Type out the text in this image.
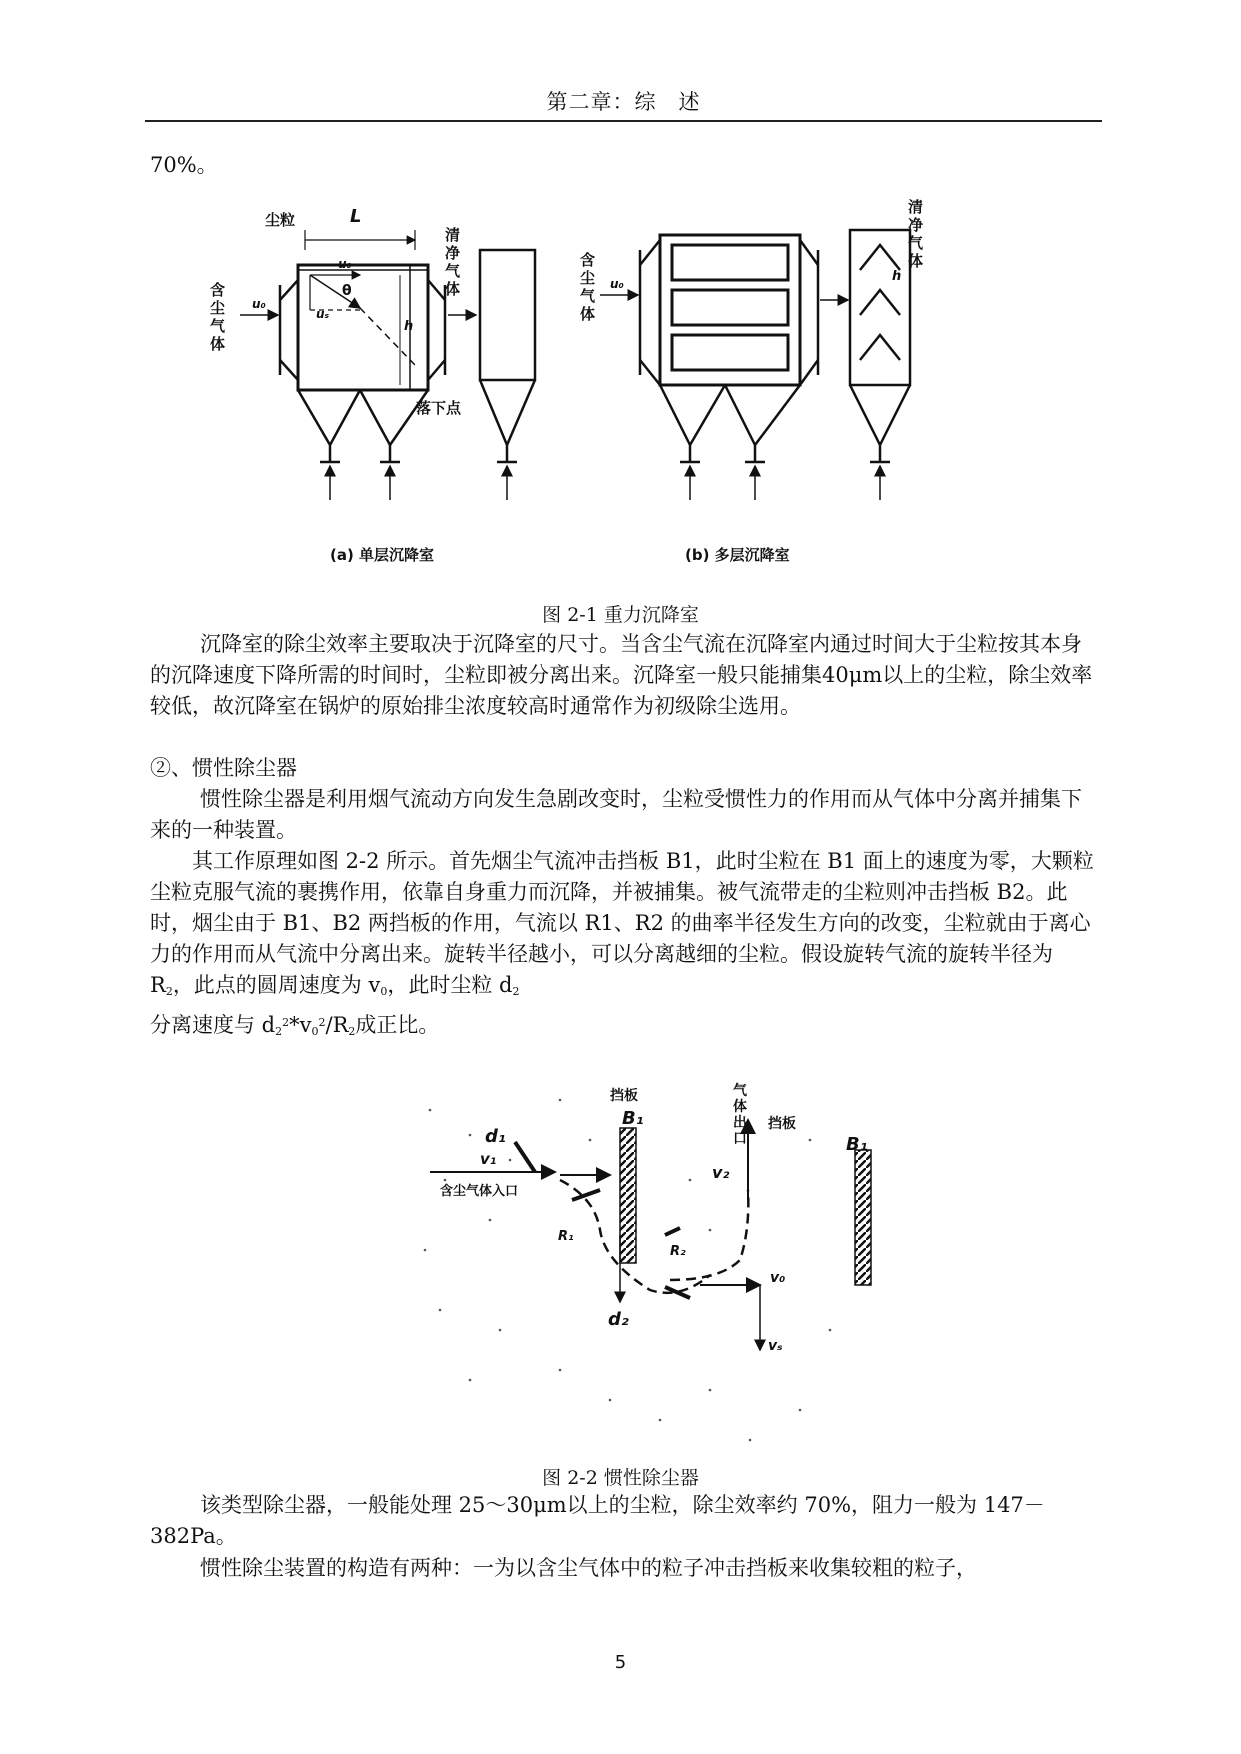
第二章：综　述
70%。
尘粒	L
u₀
θ
uₛ
h
u₀
含
尘
气
体
清
净
气
体
落下点
(a) 单层沉降室
含
尘
气
体
u₀
清
净
气
体
h
(b) 多层沉降室
图 2-1 重力沉降室
沉降室的除尘效率主要取决于沉降室的尺寸。当含尘气流在沉降室内通过时间大于尘粒按其本身的沉降速度下降所需的时间时，尘粒即被分离出来。沉降室一般只能捕集40μm以上的尘粒，除尘效率较低，故沉降室在锅炉的原始排尘浓度较高时通常作为初级除尘选用。
②、惯性除尘器
惯性除尘器是利用烟气流动方向发生急剧改变时，尘粒受惯性力的作用而从气体中分离并捕集下来的一种装置。
其工作原理如图 2-2 所示。首先烟尘气流冲击挡板 B1，此时尘粒在 B1 面上的速度为零，大颗粒尘粒克服气流的裹携作用，依靠自身重力而沉降，并被捕集。被气流带走的尘粒则冲击挡板 B2。此时，烟尘由于 B1、B2 两挡板的作用，气流以 R1、R2 的曲率半径发生方向的改变，尘粒就由于离心力的作用而从气流中分离出来。旋转半径越小，可以分离越细的尘粒。假设旋转气流的旋转半径为 $R_2$，此点的圆周速度为 $v_0$，此时尘粒 $d_2$
分离速度与 $d_2^2*v_0^2/R_2$成正比。
挡板
B₁
d₁
v₁
含尘气体入口
R₁
R₂
d₂
气
体
出
口
挡板
B₁
v₂
v₀
vₛ
图 2-2 惯性除尘器
该类型除尘器，一般能处理 25～30μm以上的尘粒，除尘效率约 70%，阻力一般为 147－382Pa。
惯性除尘装置的构造有两种：一为以含尘气体中的粒子冲击挡板来收集较粗的粒子，
5
